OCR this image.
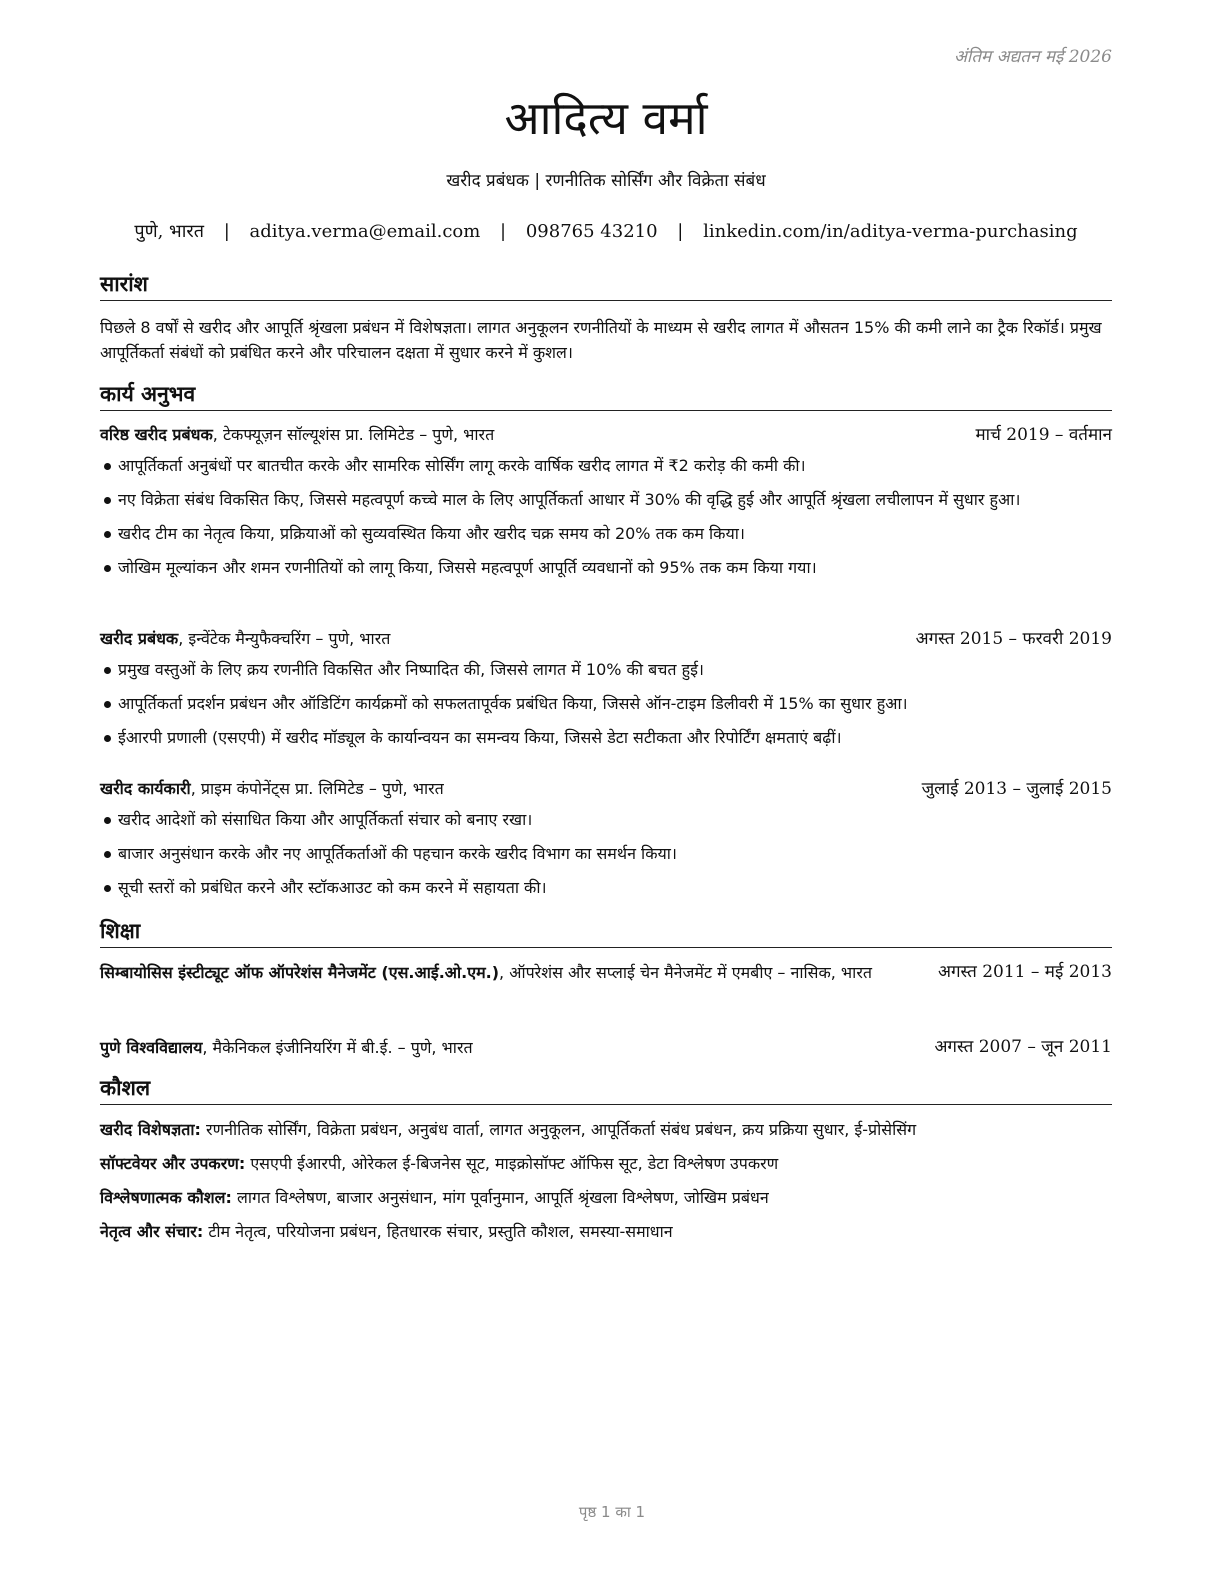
अंतिम अद्यतन मई 2026
आदित्य वर्मा
खरीद प्रबंधक | रणनीतिक सोर्सिंग और विक्रेता संबंध
पुणे, भारत | aditya.verma@email.com | 098765 43210 | linkedin.com/in/aditya-verma-purchasing
सारांश
पिछले 8 वर्षों से खरीद और आपूर्ति श्रृंखला प्रबंधन में विशेषज्ञता। लागत अनुकूलन रणनीतियों के माध्यम से खरीद लागत में औसतन 15% की कमी लाने का ट्रैक रिकॉर्ड। प्रमुख आपूर्तिकर्ता संबंधों को प्रबंधित करने और परिचालन दक्षता में सुधार करने में कुशल।
कार्य अनुभव
वरिष्ठ खरीद प्रबंधक, टेकफ्यूज़न सॉल्यूशंस प्रा. लिमिटेड – पुणे, भारत	मार्च 2019 – वर्तमान
आपूर्तिकर्ता अनुबंधों पर बातचीत करके और सामरिक सोर्सिंग लागू करके वार्षिक खरीद लागत में ₹2 करोड़ की कमी की।
नए विक्रेता संबंध विकसित किए, जिससे महत्वपूर्ण कच्चे माल के लिए आपूर्तिकर्ता आधार में 30% की वृद्धि हुई और आपूर्ति श्रृंखला लचीलापन में सुधार हुआ।
खरीद टीम का नेतृत्व किया, प्रक्रियाओं को सुव्यवस्थित किया और खरीद चक्र समय को 20% तक कम किया।
जोखिम मूल्यांकन और शमन रणनीतियों को लागू किया, जिससे महत्वपूर्ण आपूर्ति व्यवधानों को 95% तक कम किया गया।
खरीद प्रबंधक, इन्वेंटेक मैन्युफैक्चरिंग – पुणे, भारत	अगस्त 2015 – फरवरी 2019
प्रमुख वस्तुओं के लिए क्रय रणनीति विकसित और निष्पादित की, जिससे लागत में 10% की बचत हुई।
आपूर्तिकर्ता प्रदर्शन प्रबंधन और ऑडिटिंग कार्यक्रमों को सफलतापूर्वक प्रबंधित किया, जिससे ऑन-टाइम डिलीवरी में 15% का सुधार हुआ।
ईआरपी प्रणाली (एसएपी) में खरीद मॉड्यूल के कार्यान्वयन का समन्वय किया, जिससे डेटा सटीकता और रिपोर्टिंग क्षमताएं बढ़ीं।
खरीद कार्यकारी, प्राइम कंपोनेंट्स प्रा. लिमिटेड – पुणे, भारत	जुलाई 2013 – जुलाई 2015
खरीद आदेशों को संसाधित किया और आपूर्तिकर्ता संचार को बनाए रखा।
बाजार अनुसंधान करके और नए आपूर्तिकर्ताओं की पहचान करके खरीद विभाग का समर्थन किया।
सूची स्तरों को प्रबंधित करने और स्टॉकआउट को कम करने में सहायता की।
शिक्षा
सिम्बायोसिस इंस्टीट्यूट ऑफ ऑपरेशंस मैनेजमेंट (एस.आई.ओ.एम.), ऑपरेशंस और सप्लाई चेन मैनेजमेंट में एमबीए – नासिक, भारत	अगस्त 2011 – मई 2013
पुणे विश्वविद्यालय, मैकेनिकल इंजीनियरिंग में बी.ई. – पुणे, भारत	अगस्त 2007 – जून 2011
कौशल
खरीद विशेषज्ञता: रणनीतिक सोर्सिंग, विक्रेता प्रबंधन, अनुबंध वार्ता, लागत अनुकूलन, आपूर्तिकर्ता संबंध प्रबंधन, क्रय प्रक्रिया सुधार, ई-प्रोसेसिंग
सॉफ्टवेयर और उपकरण: एसएपी ईआरपी, ओरेकल ई-बिजनेस सूट, माइक्रोसॉफ्ट ऑफिस सूट, डेटा विश्लेषण उपकरण
विश्लेषणात्मक कौशल: लागत विश्लेषण, बाजार अनुसंधान, मांग पूर्वानुमान, आपूर्ति श्रृंखला विश्लेषण, जोखिम प्रबंधन
नेतृत्व और संचार: टीम नेतृत्व, परियोजना प्रबंधन, हितधारक संचार, प्रस्तुति कौशल, समस्या-समाधान
पृष्ठ 1 का 1
